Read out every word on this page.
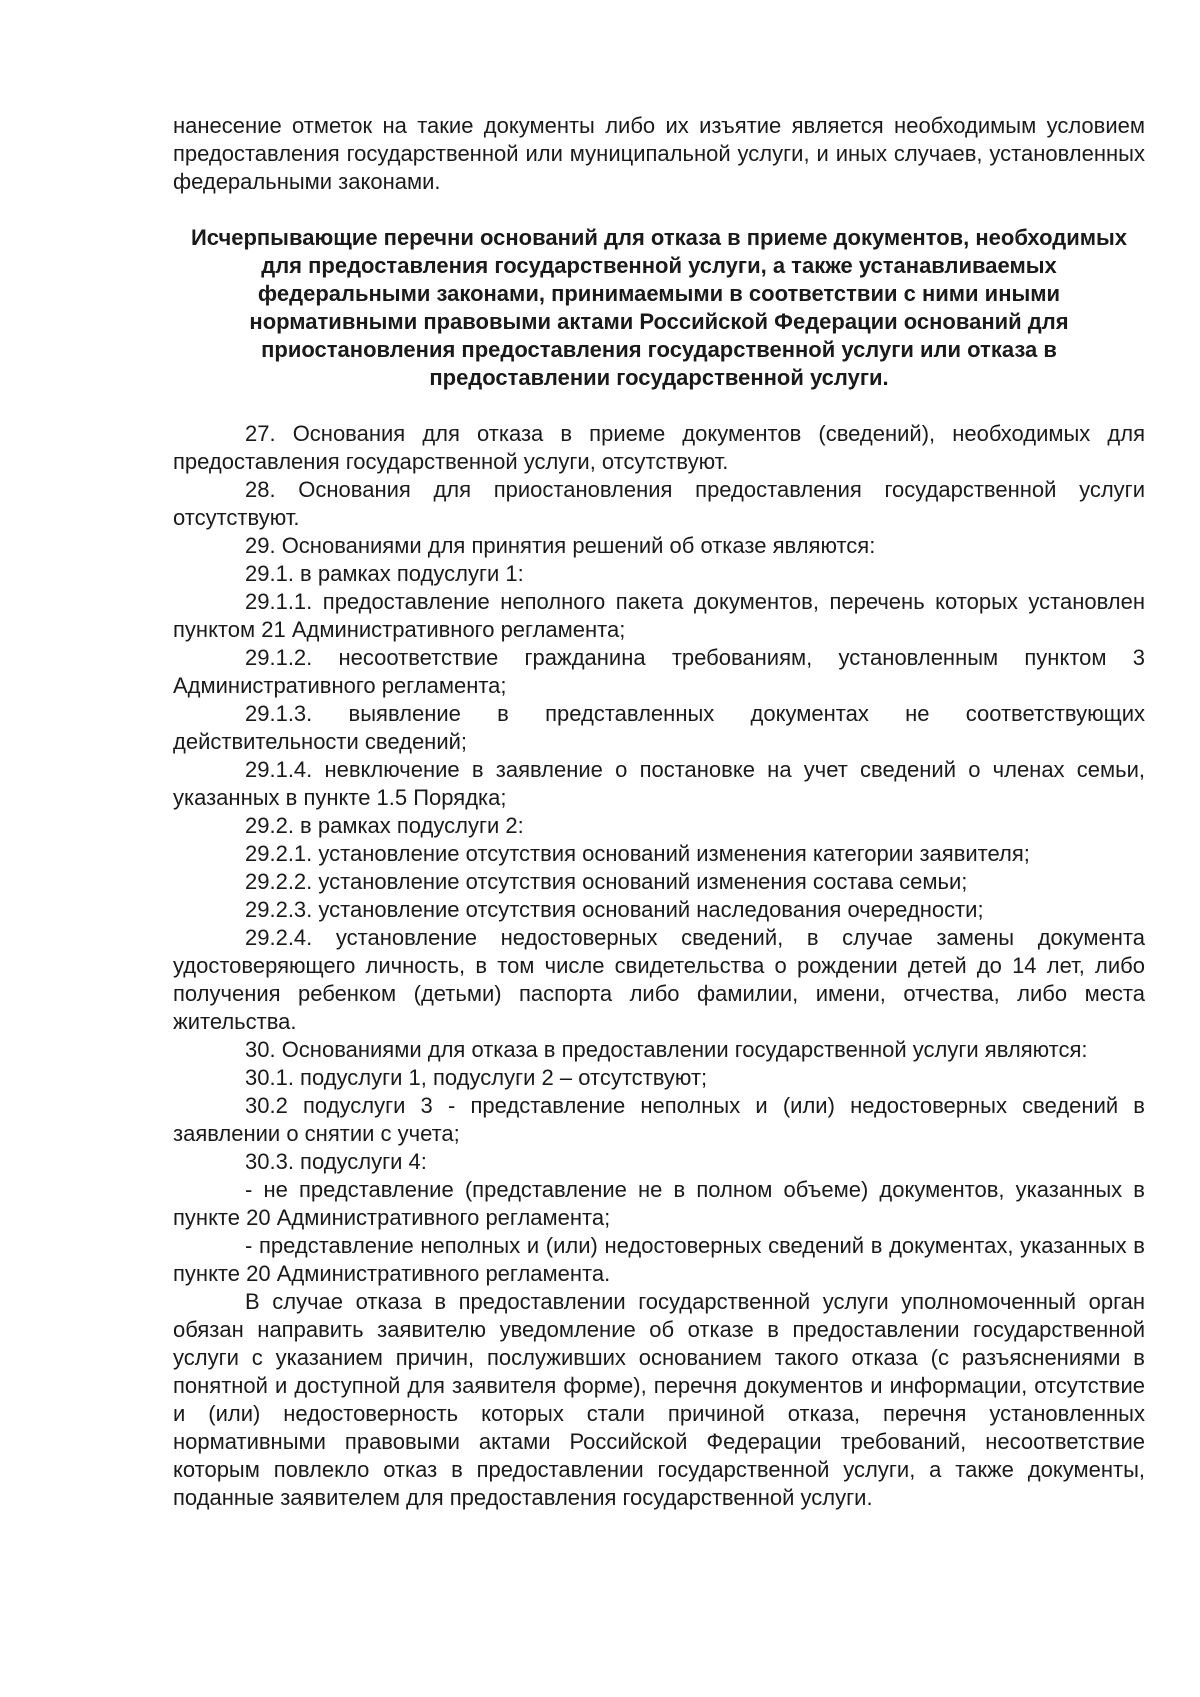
нанесение отметок на такие документы либо их изъятие является необходимым условием предоставления государственной или муниципальной услуги, и иных случаев, установленных федеральными законами.

Исчерпывающие перечни оснований для отказа в приеме документов, необходимых для предоставления государственной услуги, а также устанавливаемых федеральными законами, принимаемыми в соответствии с ними иными нормативными правовыми актами Российской Федерации оснований для приостановления предоставления государственной услуги или отказа в предоставлении государственной услуги.

27. Основания для отказа в приеме документов (сведений), необходимых для предоставления государственной услуги, отсутствуют.

28. Основания для приостановления предоставления государственной услуги отсутствуют.

29. Основаниями для принятия решений об отказе являются:

29.1. в рамках подуслуги 1:

29.1.1. предоставление неполного пакета документов, перечень которых установлен пунктом 21 Административного регламента;

29.1.2. несоответствие гражданина требованиям, установленным пунктом 3 Административного регламента;

29.1.3. выявление в представленных документах не соответствующих действительности сведений;

29.1.4. невключение в заявление о постановке на учет сведений о членах семьи, указанных в пункте 1.5 Порядка;

29.2. в рамках подуслуги 2:

29.2.1. установление отсутствия оснований изменения категории заявителя;

29.2.2. установление отсутствия оснований изменения состава семьи;

29.2.3. установление отсутствия оснований наследования очередности;

29.2.4. установление недостоверных сведений, в случае замены документа удостоверяющего личность, в том числе свидетельства о рождении детей до 14 лет, либо получения ребенком (детьми) паспорта либо фамилии, имени, отчества, либо места жительства.

30. Основаниями для отказа в предоставлении государственной услуги являются:

30.1. подуслуги 1, подуслуги 2 – отсутствуют;

30.2 подуслуги 3 - представление неполных и (или) недостоверных сведений в заявлении о снятии с учета;

30.3. подуслуги 4:

- не представление (представление не в полном объеме) документов, указанных в пункте 20 Административного регламента;

- представление неполных и (или) недостоверных сведений в документах, указанных в пункте 20 Административного регламента.

В случае отказа в предоставлении государственной услуги уполномоченный орган обязан направить заявителю уведомление об отказе в предоставлении государственной услуги с указанием причин, послуживших основанием такого отказа (с разъяснениями в понятной и доступной для заявителя форме), перечня документов и информации, отсутствие и (или) недостоверность которых стали причиной отказа, перечня установленных нормативными правовыми актами Российской Федерации требований, несоответствие которым повлекло отказ в предоставлении государственной услуги, а также документы, поданные заявителем для предоставления государственной услуги.
